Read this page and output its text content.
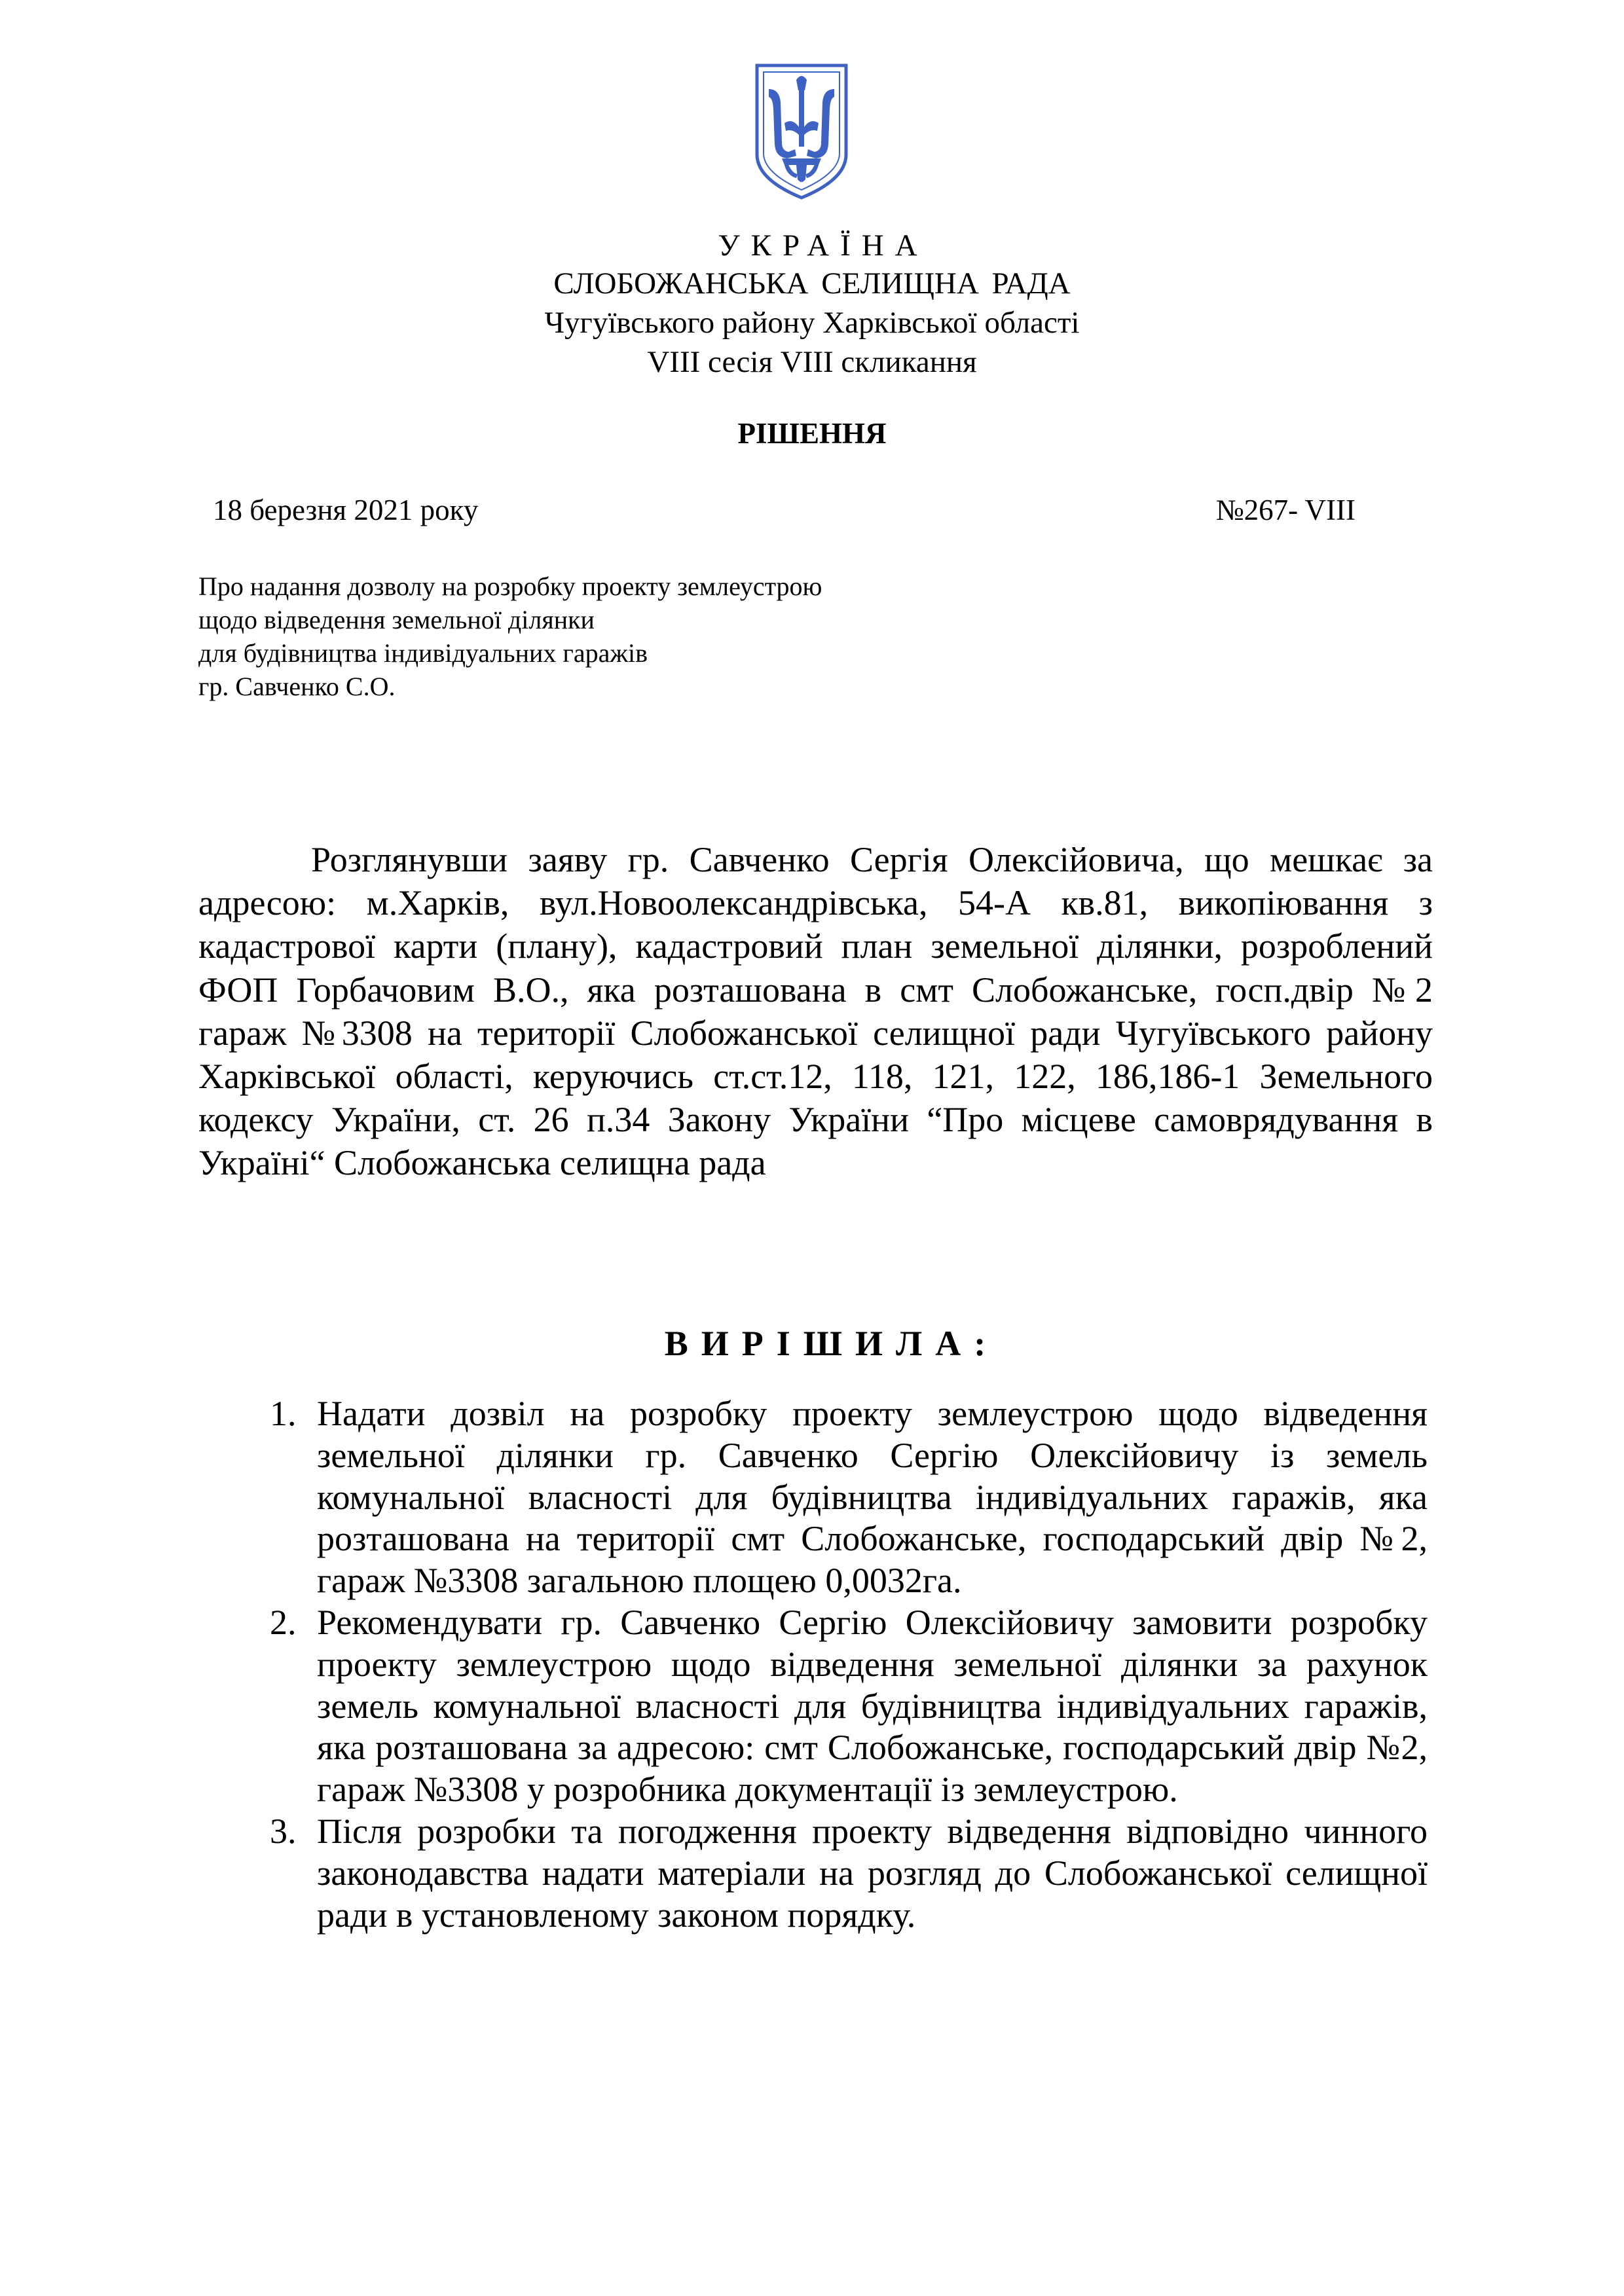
УКРАЇНА
СЛОБОЖАНСЬКА СЕЛИЩНА РАДА
Чугуївського району Харківської області
VIII сесія VIII скликання
РІШЕННЯ
18 березня 2021 року	№267- VIII
Про надання дозволу на розробку проекту землеустрою
щодо відведення земельної ділянки
для будівництва індивідуальних гаражів
гр. Савченко С.О.

Розглянувши заяву гр. Савченко Сергія Олексійовича, що мешкає за адресою: м.Харків, вул.Новоолександрівська, 54-А кв.81, викопіювання з кадастрової карти (плану), кадастровий план земельної ділянки, розроблений ФОП Горбачовим В.О., яка розташована в смт Слобожанське, госп.двір №2 гараж №3308 на території Слобожанської селищної ради Чугуївського району Харківської області, керуючись ст.ст.12, 118, 121, 122, 186,186-1 Земельного кодексу України, ст. 26 п.34 Закону України “Про місцеве самоврядування в Україні“ Слобожанська селищна рада

ВИРІШИЛА:
1. Надати дозвіл на розробку проекту землеустрою щодо відведення земельної ділянки гр. Савченко Сергію Олексійовичу із земель комунальної власності для будівництва індивідуальних гаражів, яка розташована на території смт Слобожанське, господарський двір №2, гараж №3308 загальною площею 0,0032га.
2. Рекомендувати гр. Савченко Сергію Олексійовичу замовити розробку проекту землеустрою щодо відведення земельної ділянки за рахунок земель комунальної власності для будівництва індивідуальних гаражів, яка розташована за адресою: смт Слобожанське, господарський двір №2, гараж №3308 у розробника документації із землеустрою.
3. Після розробки та погодження проекту відведення відповідно чинного законодавства надати матеріали на розгляд до Слобожанської селищної ради в установленому законом порядку.
